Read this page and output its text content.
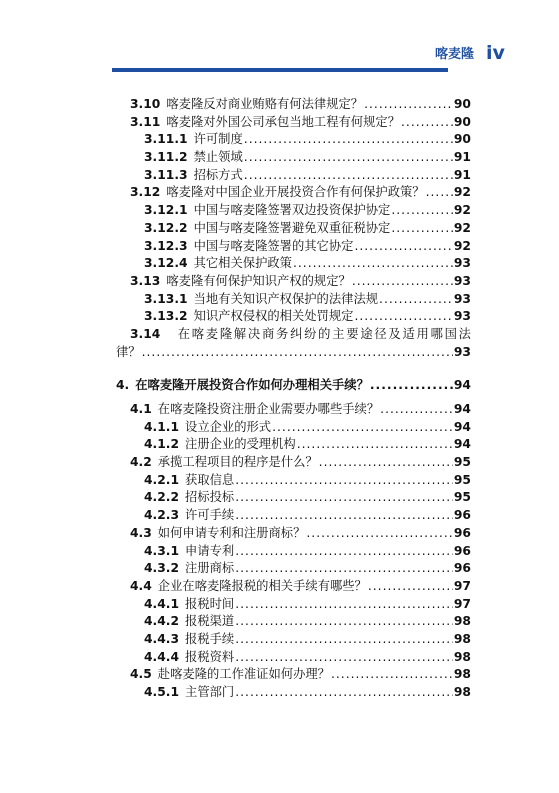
喀麦隆 iv
3.10 喀麦隆反对商业贿赂有何法律规定？ .....	90
3.11 喀麦隆对外国公司承包当地工程有何规定？ .....	90
3.11.1 许可制度 .....	90
3.11.2 禁止领域 .....	91
3.11.3 招标方式 .....	91
3.12 喀麦隆对中国企业开展投资合作有何保护政策？ ..... 92
3.12.1 中国与喀麦隆签署双边投资保护协定 .....	92
3.12.2 中国与喀麦隆签署避免双重征税协定 .....	92
3.12.3 中国与喀麦隆签署的其它协定 .....	92
3.12.4 其它相关保护政策 .....	93
3.13 喀麦隆有何保护知识产权的规定？ .....	93
3.13.1 当地有关知识产权保护的法律法规 .....	93
3.13.2 知识产权侵权的相关处罚规定 .....	93
3.14 在喀麦隆解决商务纠纷的主要途径及适用哪国法
律？ .....	93
4. 在喀麦隆开展投资合作如何办理相关手续？ .....	94
4.1 在喀麦隆投资注册企业需要办哪些手续？ .....	94
4.1.1 设立企业的形式 .....	94
4.1.2 注册企业的受理机构 .....	94
4.2 承揽工程项目的程序是什么？ .....	95
4.2.1 获取信息 .....	95
4.2.2 招标投标 .....	95
4.2.3 许可手续 .....	96
4.3 如何申请专利和注册商标？ .....	96
4.3.1 申请专利 .....	96
4.3.2 注册商标 .....	96
4.4 企业在喀麦隆报税的相关手续有哪些？ .....	97
4.4.1 报税时间 .....	97
4.4.2 报税渠道 .....	98
4.4.3 报税手续 .....	98
4.4.4 报税资料 .....	98
4.5 赴喀麦隆的工作准证如何办理？ .....	98
4.5.1 主管部门 .....	98
